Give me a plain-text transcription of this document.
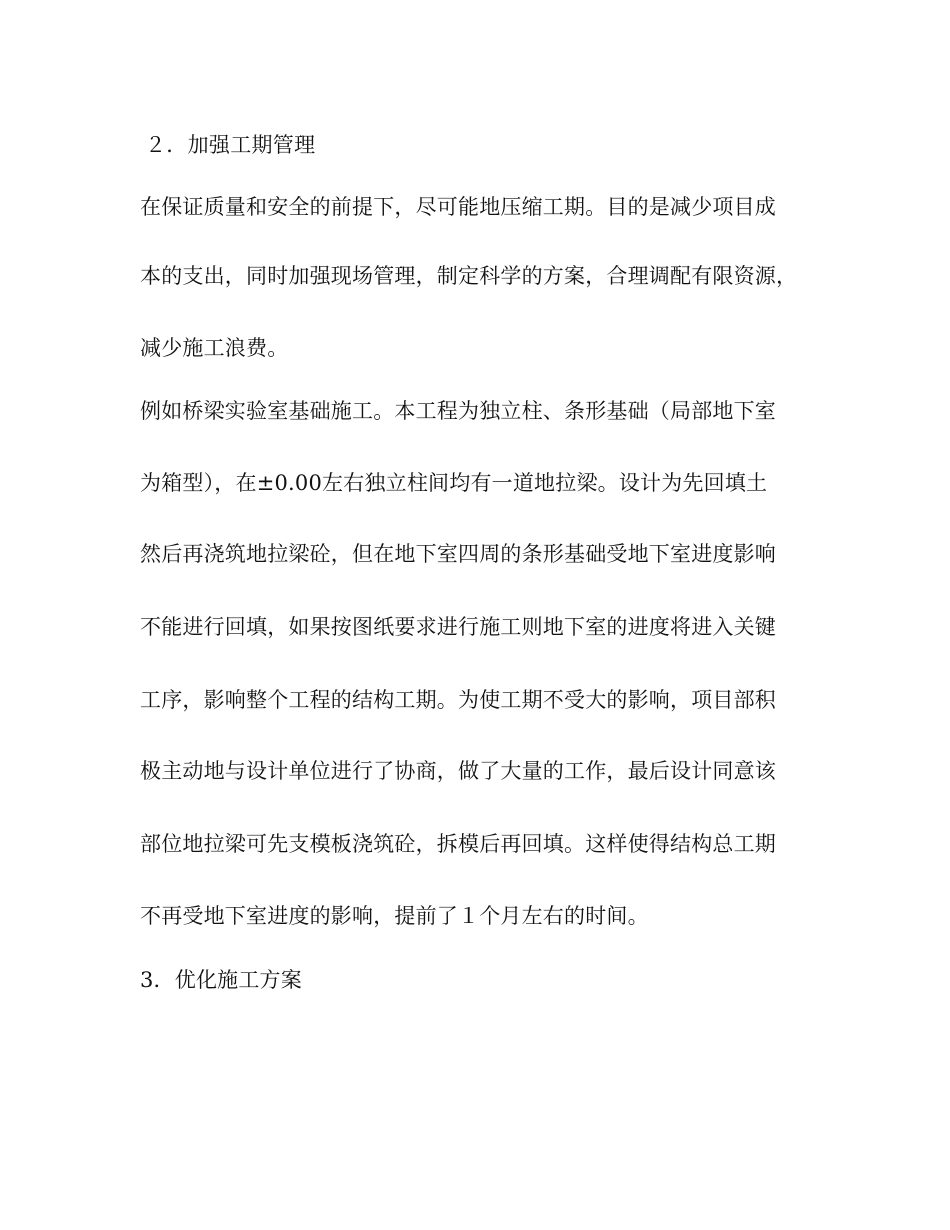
２．加强工期管理
在保证质量和安全的前提下，尽可能地压缩工期。目的是减少项目成
本的支出，同时加强现场管理，制定科学的方案，合理调配有限资源，
减少施工浪费。
例如桥梁实验室基础施工。本工程为独立柱、条形基础（局部地下室
为箱型），在±0.00左右独立柱间均有一道地拉梁。设计为先回填土
然后再浇筑地拉梁砼，但在地下室四周的条形基础受地下室进度影响
不能进行回填，如果按图纸要求进行施工则地下室的进度将进入关键
工序，影响整个工程的结构工期。为使工期不受大的影响，项目部积
极主动地与设计单位进行了协商，做了大量的工作，最后设计同意该
部位地拉梁可先支模板浇筑砼，拆模后再回填。这样使得结构总工期
不再受地下室进度的影响，提前了１个月左右的时间。
3．优化施工方案
